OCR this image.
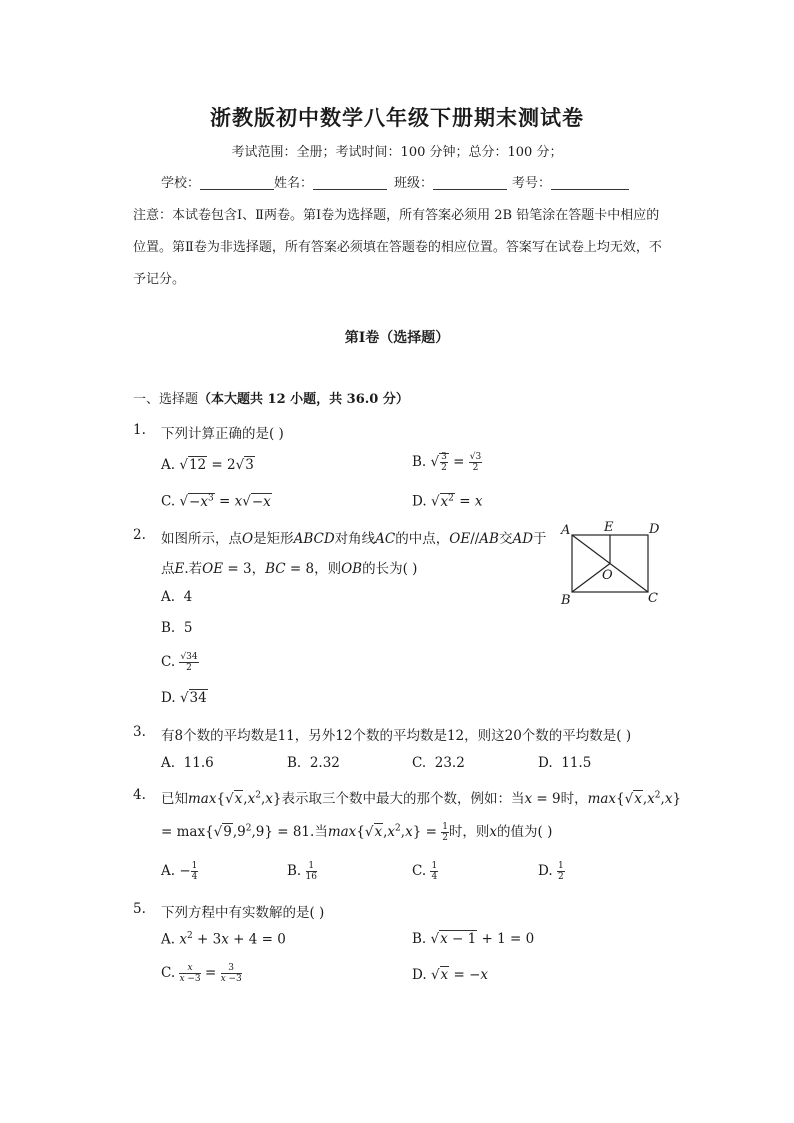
浙教版初中数学八年级下册期末测试卷
考试范围：全册；考试时间：100 分钟；总分：100 分；
学校：	姓名：	班级：	考号：
注意：本试卷包含Ⅰ、Ⅱ两卷。第Ⅰ卷为选择题，所有答案必须用 2B 铅笔涂在答题卡中相应的位置。第Ⅱ卷为非选择题，所有答案必须填在答题卷的相应位置。答案写在试卷上均无效，不予记分。
第Ⅰ卷（选择题）
一、选择题（本大题共 12 小题，共 36.0 分）
1. 下列计算正确的是( )
A. √12 = 2√3	B. √ $\frac{3}{2} = \frac{√3}{2}$
C. $√-x^3 = x√-x$	D. $√x^2 = x$
2. 如图所示，点O是矩形ABCD对角线AC的中点，OE//AB交AD于
点E.若OE = 3，BC = 8，则OB的长为( )
A	E	D
O
B	C
A. 4
B. 5
C. $\frac{√34}{2}$
D. √34
3. 有8个数的平均数是11，另外12个数的平均数是12，则这20个数的平均数是( )
A. 11.6	B. 2.32	C. 23.2	D. 11.5
4. 已知$\max\{√x,x^2,x\}$表示取三个数中最大的那个数，例如：当x = 9时，$\max\{√x,x^2,x\}$
= $\max\{√9,9^2,9\} = 81$.当$\max\{√x,x^2,x\} = \frac{1}{2}$ 时，则x的值为( )
A. − $\frac{1}{4}$	B. $\frac{1}{16}$	C. $\frac{1}{4}$	D. $\frac{1}{2}$
5. 下列方程中有实数解的是( )
A. $x^2 + 3x + 4 = 0$	B. √x − 1 + 1 = 0
C. $\frac{x}{x -3} = \frac{3}{x -3}$	D. √x = −x
